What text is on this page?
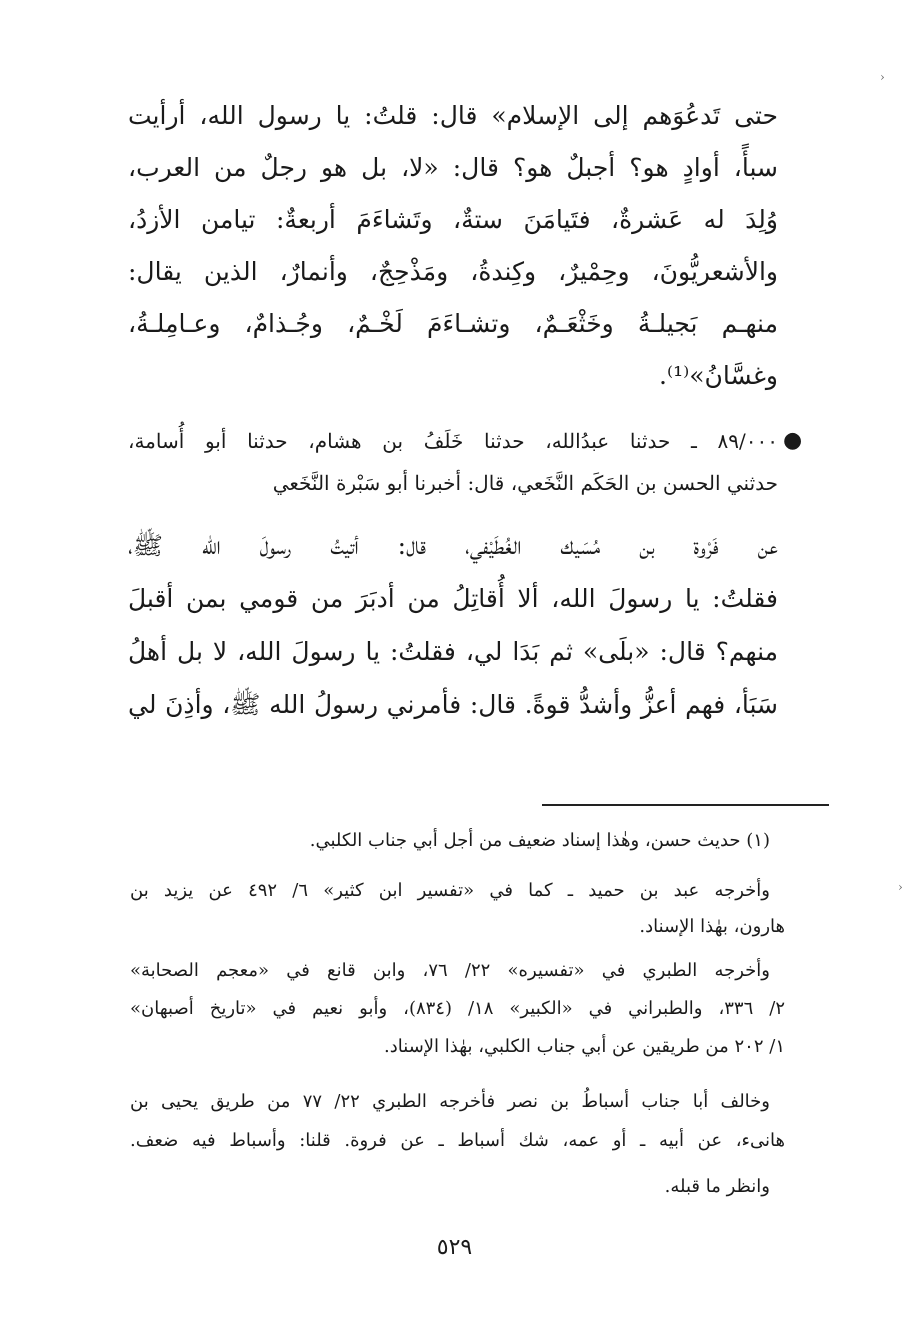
›
›
حتى تَدعُوَهم إلى الإسلام» قال: قلتُ: يا رسول الله، أرأيت
سبأً، أوادٍ هو؟ أجبلٌ هو؟ قال: «لا، بل هو رجلٌ من العرب،
وُلِدَ له عَشرةٌ، فتَيامَنَ ستةٌ، وتَشاءَمَ أربعةٌ: تيامن الأزدُ،
والأشعريُّونَ، وحِمْيرٌ، وكِندةُ، ومَذْحِجٌ، وأنمارٌ، الذين يقال:
منهـم بَجيلـةُ وخَثْعَـمٌ، وتشـاءَمَ لَخْـمٌ، وجُـذامٌ، وعـامِلـةُ،
وغسَّانُ»⁽¹⁾.
●
٨٩/٠٠٠ ـ حدثنا عبدُالله، حدثنا خَلَفُ بن هشام، حدثنا أبو أُسامة،
حدثني الحسن بن الحَكَم النَّخَعي، قال: أخبرنا أبو سَبْرة النَّخَعي
عن فَرْوة بن مُسَيك الغُطَيْفي، قال: أتيتُ رسولَ الله ﷺ،
فقلتُ: يا رسولَ الله، ألا أُقاتِلُ من أدبَرَ من قومي بمن أقبلَ
منهم؟ قال: «بلَى» ثم بَدَا لي، فقلتُ: يا رسولَ الله، لا بل أهلُ
سَبَأ، فهم أعزُّ وأشدُّ قوةً. قال: فأمرني رسولُ الله ﷺ، وأذِنَ لي
(١) حديث حسن، وهٰذا إسناد ضعيف من أجل أبي جناب الكلبي.
وأخرجه عبد بن حميد ـ كما في «تفسير ابن كثير» ٦/ ٤٩٢ عن يزيد بن
هارون، بهٰذا الإسناد.
وأخرجه الطبري في «تفسيره» ٢٢/ ٧٦، وابن قانع في «معجم الصحابة»
٢/ ٣٣٦، والطبراني في «الكبير» ١٨/ (٨٣٤)، وأبو نعيم في «تاريخ أصبهان»
١/ ٢٠٢ من طريقين عن أبي جناب الكلبي، بهٰذا الإسناد.
وخالف أبا جناب أسباطُ بن نصر فأخرجه الطبري ٢٢/ ٧٧ من طريق يحيى بن
هانىء، عن أبيه ـ أو عمه، شك أسباط ـ عن فروة. قلنا: وأسباط فيه ضعف.
وانظر ما قبله.
٥٢٩
